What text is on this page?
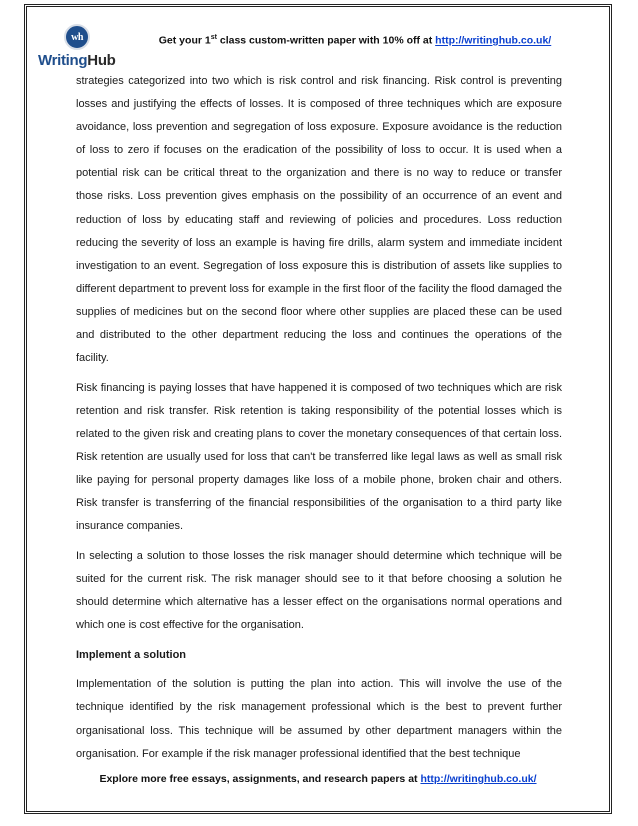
wh
WritingHub
Get your 1st class custom-written paper with 10% off at http://writinghub.co.uk/

strategies categorized into two which is risk control and risk financing. Risk control is preventing losses and justifying the effects of losses. It is composed of three techniques which are exposure avoidance, loss prevention and segregation of loss exposure. Exposure avoidance is the reduction of loss to zero if focuses on the eradication of the possibility of loss to occur. It is used when a potential risk can be critical threat to the organization and there is no way to reduce or transfer those risks. Loss prevention gives emphasis on the possibility of an occurrence of an event and reduction of loss by educating staff and reviewing of policies and procedures. Loss reduction reducing the severity of loss an example is having fire drills, alarm system and immediate incident investigation to an event. Segregation of loss exposure this is distribution of assets like supplies to different department to prevent loss for example in the first floor of the facility the flood damaged the supplies of medicines but on the second floor where other supplies are placed these can be used and distributed to the other department reducing the loss and continues the operations of the facility.

Risk financing is paying losses that have happened it is composed of two techniques which are risk retention and risk transfer. Risk retention is taking responsibility of the potential losses which is related to the given risk and creating plans to cover the monetary consequences of that certain loss. Risk retention are usually used for loss that can't be transferred like legal laws as well as small risk like paying for personal property damages like loss of a mobile phone, broken chair and others. Risk transfer is transferring of the financial responsibilities of the organisation to a third party like insurance companies.

In selecting a solution to those losses the risk manager should determine which technique will be suited for the current risk. The risk manager should see to it that before choosing a solution he should determine which alternative has a lesser effect on the organisations normal operations and which one is cost effective for the organisation.

Implement a solution

Implementation of the solution is putting the plan into action. This will involve the use of the technique identified by the risk management professional which is the best to prevent further organisational loss. This technique will be assumed by other department managers within the organisation. For example if the risk manager professional identified that the best technique

Explore more free essays, assignments, and research papers at http://writinghub.co.uk/
